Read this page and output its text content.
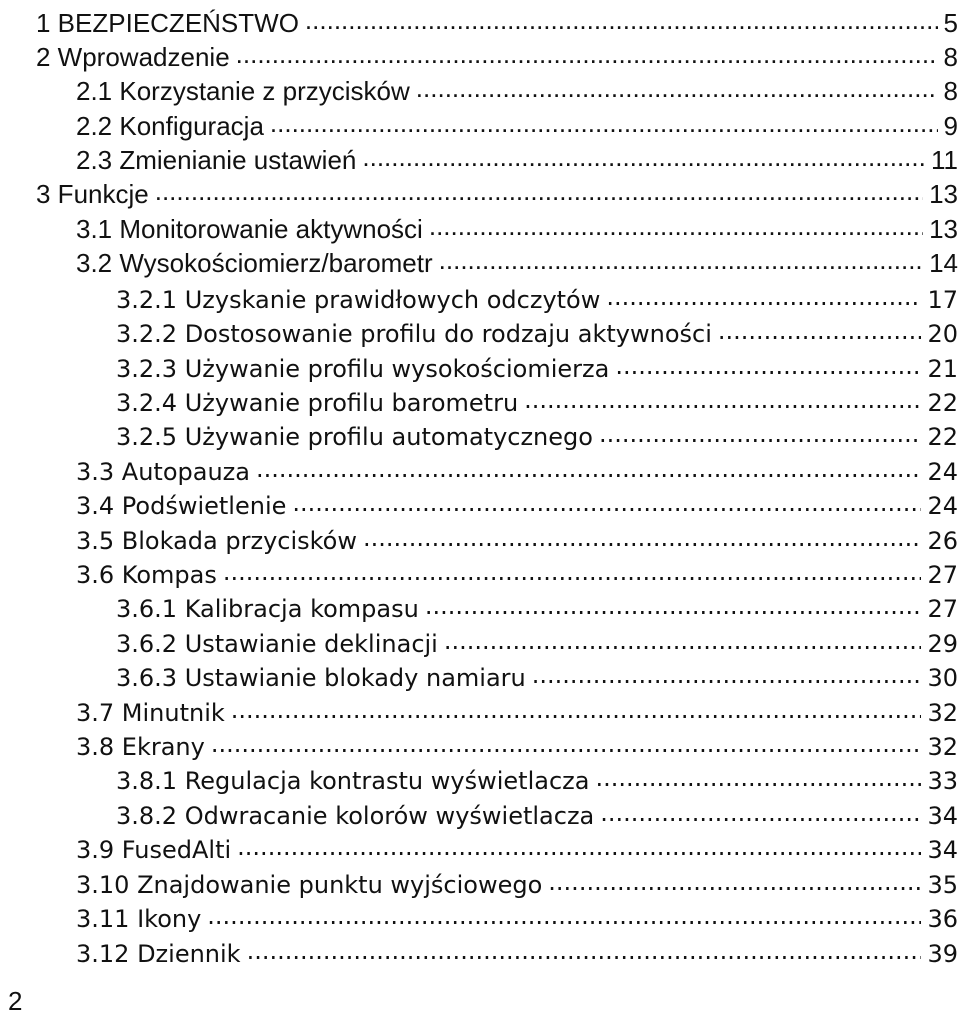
1 BEZPIECZEŃSTWO .....	5
2 Wprowadzenie .....	8
2.1 Korzystanie z przycisków .....	8
2.2 Konfiguracja .....	9
2.3 Zmienianie ustawień .....	11
3 Funkcje .....	13
3.1 Monitorowanie aktywności .....	13
3.2 Wysokościomierz/barometr .....	14
3.2.1 Uzyskanie prawidłowych odczytów .....	17
3.2.2 Dostosowanie profilu do rodzaju aktywności .....	20
3.2.3 Używanie profilu wysokościomierza .....	21
3.2.4 Używanie profilu barometru .....	22
3.2.5 Używanie profilu automatycznego .....	22
3.3 Autopauza .....	24
3.4 Podświetlenie .....	24
3.5 Blokada przycisków .....	26
3.6 Kompas .....	27
3.6.1 Kalibracja kompasu .....	27
3.6.2 Ustawianie deklinacji .....	29
3.6.3 Ustawianie blokady namiaru .....	30
3.7 Minutnik .....	32
3.8 Ekrany .....	32
3.8.1 Regulacja kontrastu wyświetlacza .....	33
3.8.2 Odwracanie kolorów wyświetlacza .....	34
3.9 FusedAlti .....	34
3.10 Znajdowanie punktu wyjściowego .....	35
3.11 Ikony .....	36
3.12 Dziennik .....	39
2
